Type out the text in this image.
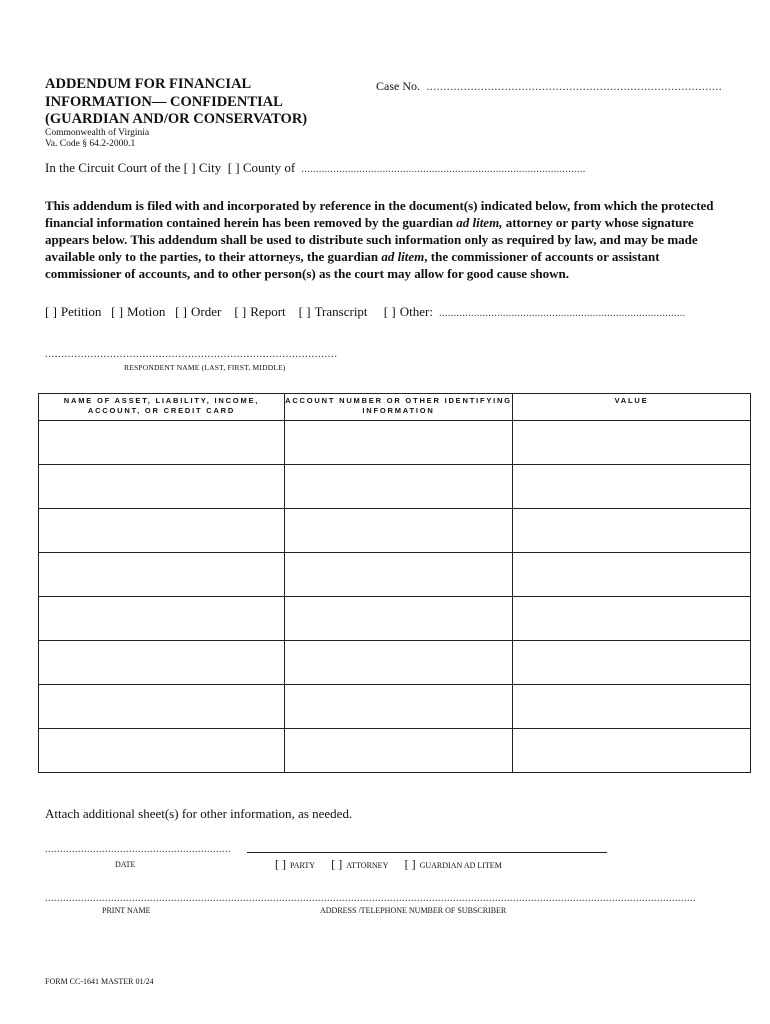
ADDENDUM FOR FINANCIAL
INFORMATION— CONFIDENTIAL
(GUARDIAN AND/OR CONSERVATOR)
Commonwealth of Virginia
Va. Code § 64.2-2000.1
Case No.  .......................................................................................
In the Circuit Court of the [ ] City [ ] County of  ..................................................................................................
This addendum is filed with and incorporated by reference in the document(s) indicated below, from which the protected financial information contained herein has been removed by the guardian ad litem, attorney or party whose signature appears below. This addendum shall be used to distribute such information only as required by law, and may be made available only to the parties, to their attorneys, the guardian ad litem, the commissioner of accounts or assistant commissioner of accounts, and to other person(s) as the court may allow for good cause shown.
[ ] Petition [ ] Motion [ ] Order [ ] Report [ ] Transcript [ ] Other:  .....................................................................................
..........................................................................................
RESPONDENT NAME (LAST, FIRST, MIDDLE)
NAME OF ASSET, LIABILITY, INCOME, ACCOUNT, OR CREDIT CARD	ACCOUNT NUMBER OR OTHER IDENTIFYING INFORMATION	VALUE

Attach additional sheet(s) for other information, as needed.
..............................................................
DATE	[ ] PARTY [ ] ATTORNEY [ ] GUARDIAN AD LITEM
.........................................................................................................................................................................................................................
PRINT NAME	ADDRESS /TELEPHONE NUMBER OF SUBSCRIBER
FORM CC-1641 MASTER 01/24
